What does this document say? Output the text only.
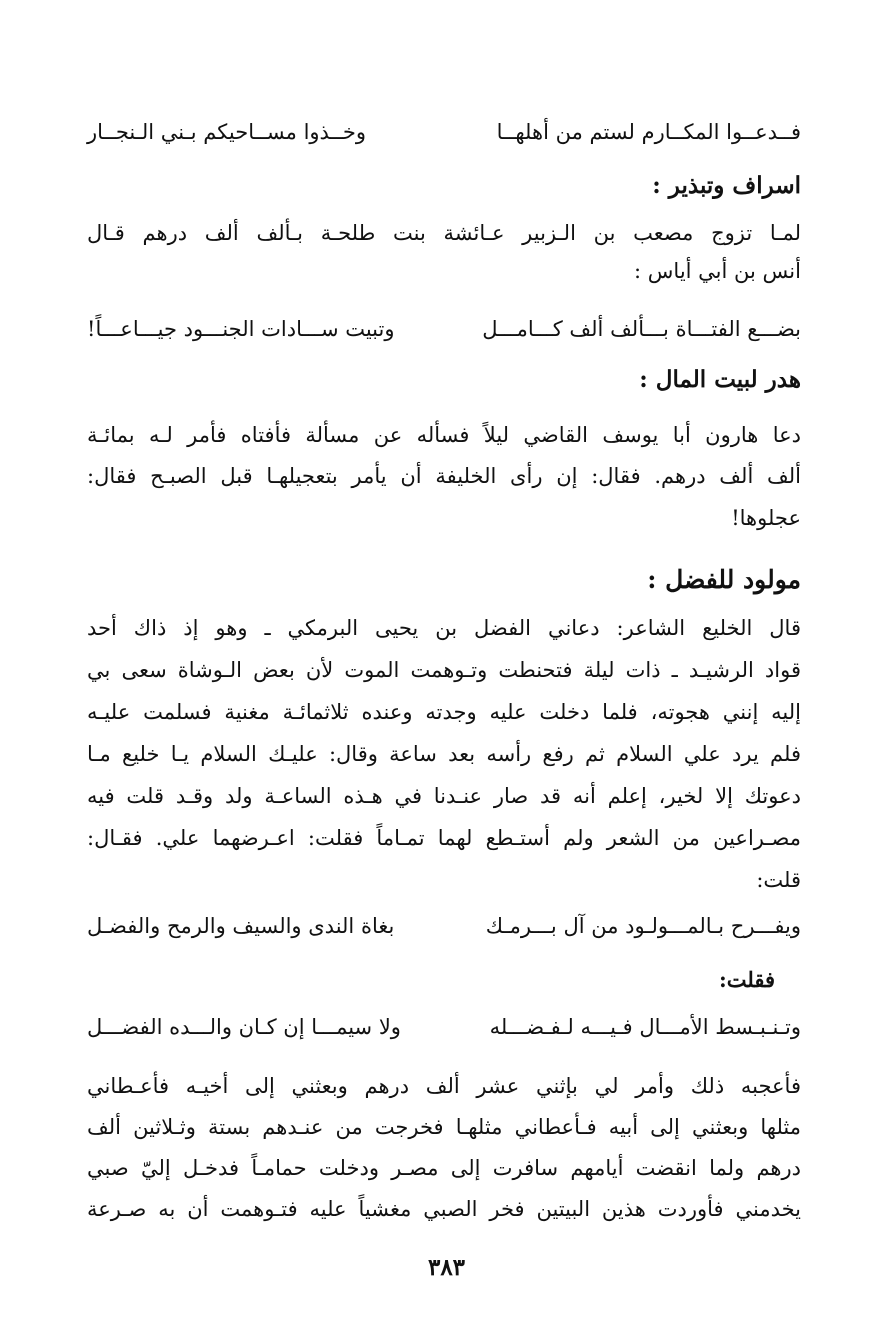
فــدعــوا المكــارم لستم من أهلهــا
وخــذوا مســاحيكم بـني الـنجــار
اسراف وتبذير :
لمـا تزوج مصعب بن الـزبير عـائشة بنت طلحـة بـألف ألف درهم قـال
أنس بن أبي أياس :
بضـــع الفتـــاة بـــألف ألف كـــامـــل
وتبيت ســـادات الجنـــود جيـــاعـــاً!
هدر لبيت المال :
دعا هارون أبا يوسف القاضي ليلاً فسأله عن مسألة فأفتاه فأمر لـه بمائـة
ألف ألف درهم. فقال: إن رأى الخليفة أن يأمر بتعجيلهـا قبل الصبـح فقال:
عجلوها!
مولود للفضل :
قال الخليع الشاعر: دعاني الفضل بن يحيى البرمكي ـ وهو إذ ذاك أحد
قواد الرشيـد ـ ذات ليلة فتحنطت وتـوهمت الموت لأن بعض الـوشاة سعى بي
إليه إنني هجوته، فلما دخلت عليه وجدته وعنده ثلاثمائـة مغنية فسلمت عليـه
فلم يرد علي السلام ثم رفع رأسه بعد ساعة وقال: عليـك السلام يـا خليع مـا
دعوتك إلا لخير، إعلم أنه قد صار عنـدنا في هـذه الساعـة ولد وقـد قلت فيه
مصـراعين من الشعر ولم أستـطع لهما تمـاماً فقلت: اعـرضهما علي. فقـال:
قلت:
ويفـــرح بـالمـــولـود من آل بـــرمـك
بغاة الندى والسيف والرمح والفضـل
فقلت:
وتـنـبـسط الأمـــال فـيـــه لـفـضـــله
ولا سيمـــا إن كـان والـــده الفضـــل
فأعجبه ذلك وأمر لي بإثني عشر ألف درهم وبعثني إلى أخيـه فأعـطاني
مثلها وبعثني إلى أبيه فـأعطاني مثلهـا فخرجت من عنـدهم بستة وثـلاثين ألف
درهم ولما انقضت أيامهم سافرت إلى مصـر ودخلت حمامـاً فدخـل إليّ صبي
يخدمني فأوردت هذين البيتين فخر الصبي مغشياً عليه فتـوهمت أن به صـرعة
٣٨٣
